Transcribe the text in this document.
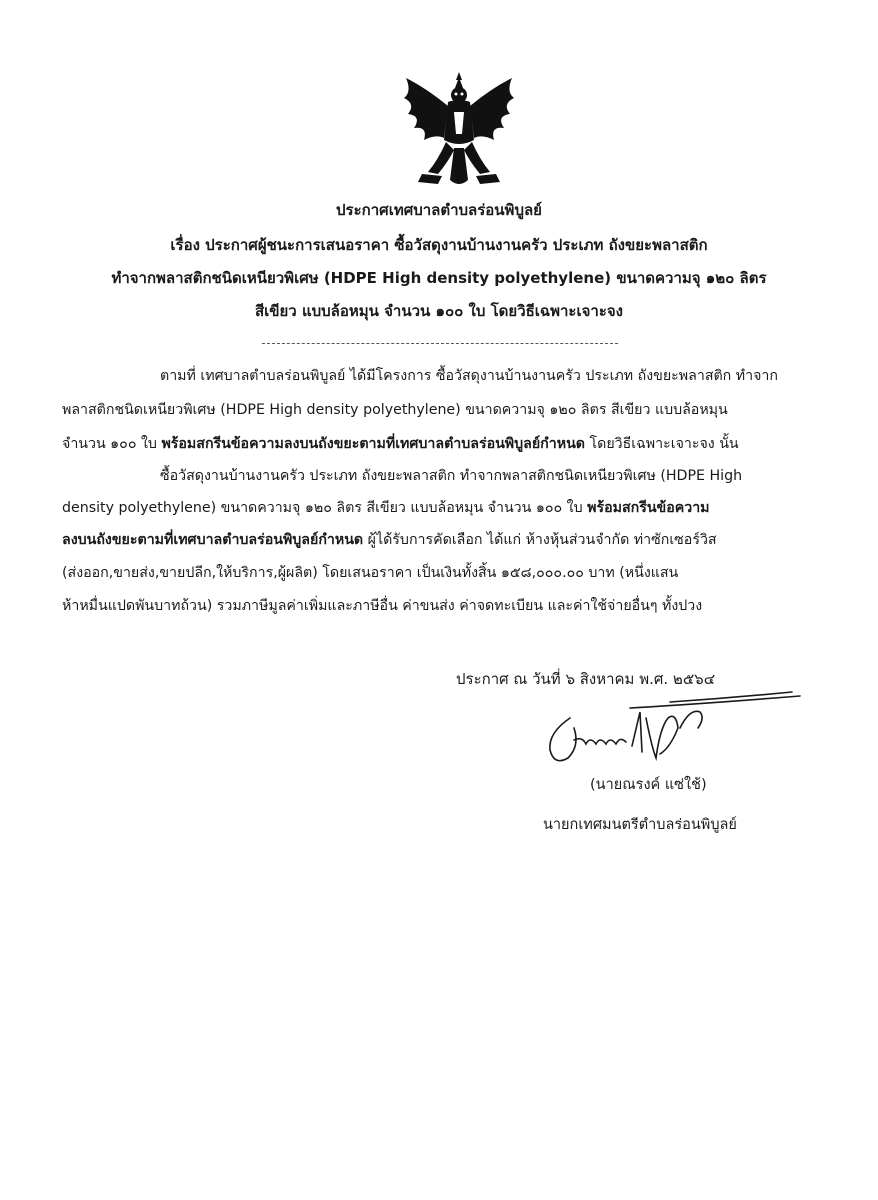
ประกาศเทศบาลตำบลร่อนพิบูลย์
เรื่อง ประกาศผู้ชนะการเสนอราคา ซื้อวัสดุงานบ้านงานครัว ประเภท ถังขยะพลาสติก
ทำจากพลาสติกชนิดเหนียวพิเศษ (HDPE High density polyethylene) ขนาดความจุ ๑๒๐ ลิตร
สีเขียว แบบล้อหมุน จำนวน ๑๐๐ ใบ โดยวิธีเฉพาะเจาะจง
ตามที่ เทศบาลตำบลร่อนพิบูลย์ ได้มีโครงการ ซื้อวัสดุงานบ้านงานครัว ประเภท ถังขยะพลาสติก ทำจาก
พลาสติกชนิดเหนียวพิเศษ (HDPE High density polyethylene) ขนาดความจุ ๑๒๐ ลิตร สีเขียว แบบล้อหมุน
จำนวน ๑๐๐ ใบ พร้อมสกรีนข้อความลงบนถังขยะตามที่เทศบาลตำบลร่อนพิบูลย์กำหนด โดยวิธีเฉพาะเจาะจง นั้น
ซื้อวัสดุงานบ้านงานครัว ประเภท ถังขยะพลาสติก ทำจากพลาสติกชนิดเหนียวพิเศษ (HDPE High
density polyethylene) ขนาดความจุ ๑๒๐ ลิตร สีเขียว แบบล้อหมุน จำนวน ๑๐๐ ใบ พร้อมสกรีนข้อความ
ลงบนถังขยะตามที่เทศบาลตำบลร่อนพิบูลย์กำหนด ผู้ได้รับการคัดเลือก ได้แก่ ห้างหุ้นส่วนจำกัด ท่าซักเซอร์วิส
(ส่งออก,ขายส่ง,ขายปลีก,ให้บริการ,ผู้ผลิต) โดยเสนอราคา เป็นเงินทั้งสิ้น ๑๕๘,๐๐๐.๐๐ บาท (หนึ่งแสน
ห้าหมื่นแปดพันบาทถ้วน) รวมภาษีมูลค่าเพิ่มและภาษีอื่น ค่าขนส่ง ค่าจดทะเบียน และค่าใช้จ่ายอื่นๆ ทั้งปวง
ประกาศ ณ วันที่ ๖ สิงหาคม พ.ศ. ๒๕๖๔
(นายณรงค์ แซ่ใช้)
นายกเทศมนตรีตำบลร่อนพิบูลย์
